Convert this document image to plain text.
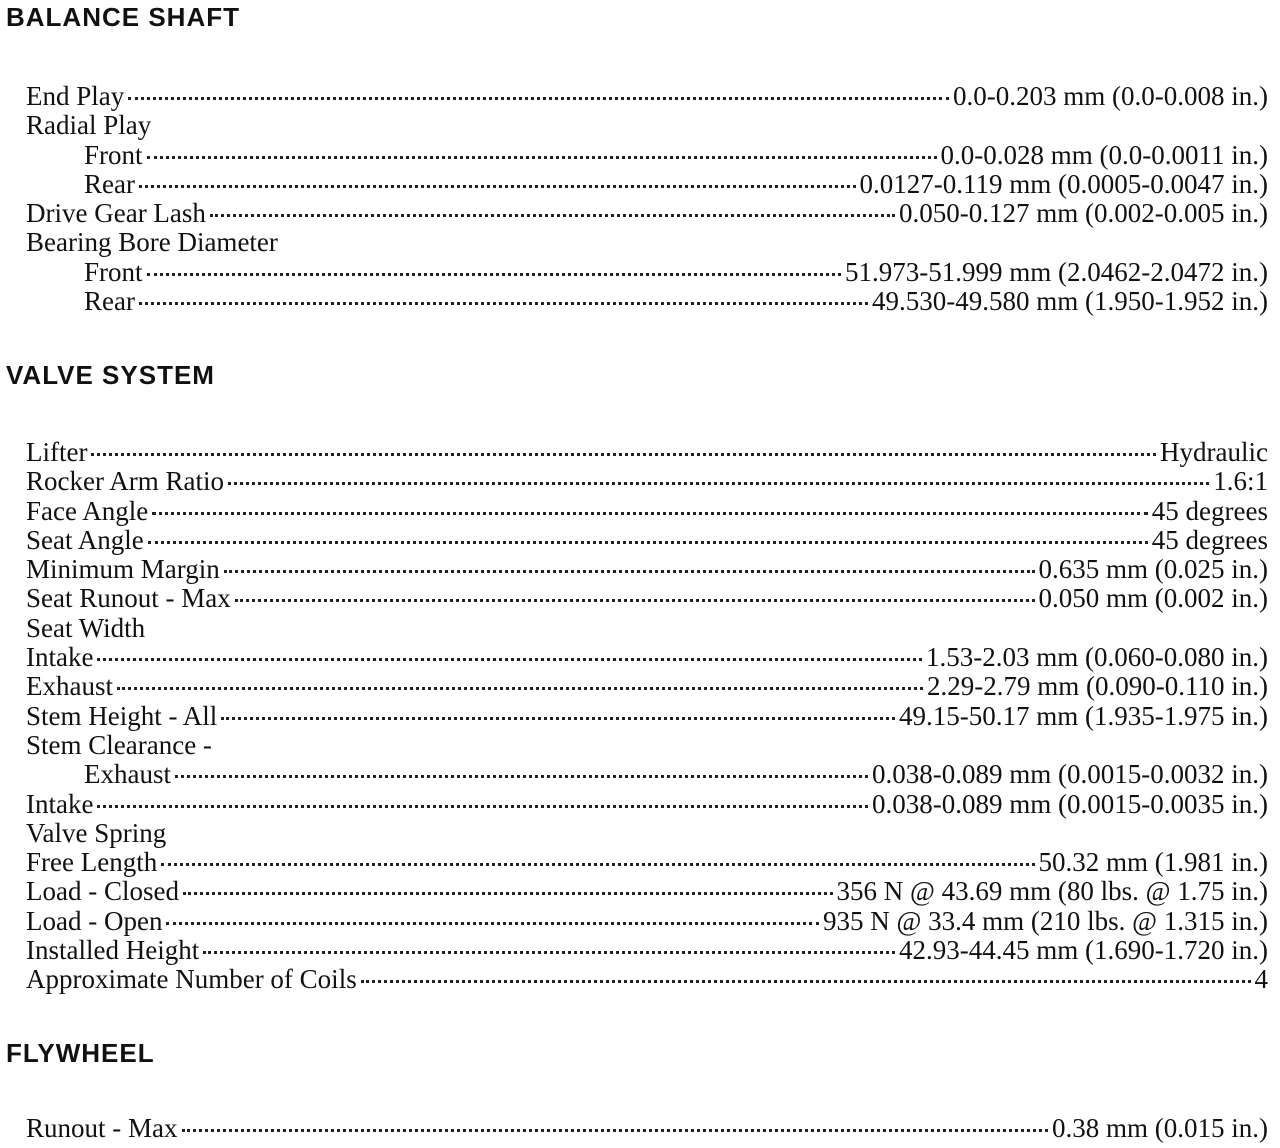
BALANCE SHAFT
End Play	0.0-0.203 mm (0.0-0.008 in.)
Radial Play
Front	0.0-0.028 mm (0.0-0.0011 in.)
Rear	0.0127-0.119 mm (0.0005-0.0047 in.)
Drive Gear Lash	0.050-0.127 mm (0.002-0.005 in.)
Bearing Bore Diameter
Front	51.973-51.999 mm (2.0462-2.0472 in.)
Rear	49.530-49.580 mm (1.950-1.952 in.)
VALVE SYSTEM
Lifter	Hydraulic
Rocker Arm Ratio	1.6:1
Face Angle	45 degrees
Seat Angle	45 degrees
Minimum Margin	0.635 mm (0.025 in.)
Seat Runout - Max	0.050 mm (0.002 in.)
Seat Width
Intake	1.53-2.03 mm (0.060-0.080 in.)
Exhaust	2.29-2.79 mm (0.090-0.110 in.)
Stem Height - All	49.15-50.17 mm (1.935-1.975 in.)
Stem Clearance -
Exhaust	0.038-0.089 mm (0.0015-0.0032 in.)
Intake	0.038-0.089 mm (0.0015-0.0035 in.)
Valve Spring
Free Length	50.32 mm (1.981 in.)
Load - Closed	356 N @ 43.69 mm (80 lbs. @ 1.75 in.)
Load - Open	935 N @ 33.4 mm (210 lbs. @ 1.315 in.)
Installed Height	42.93-44.45 mm (1.690-1.720 in.)
Approximate Number of Coils	4
FLYWHEEL
Runout - Max	0.38 mm (0.015 in.)
